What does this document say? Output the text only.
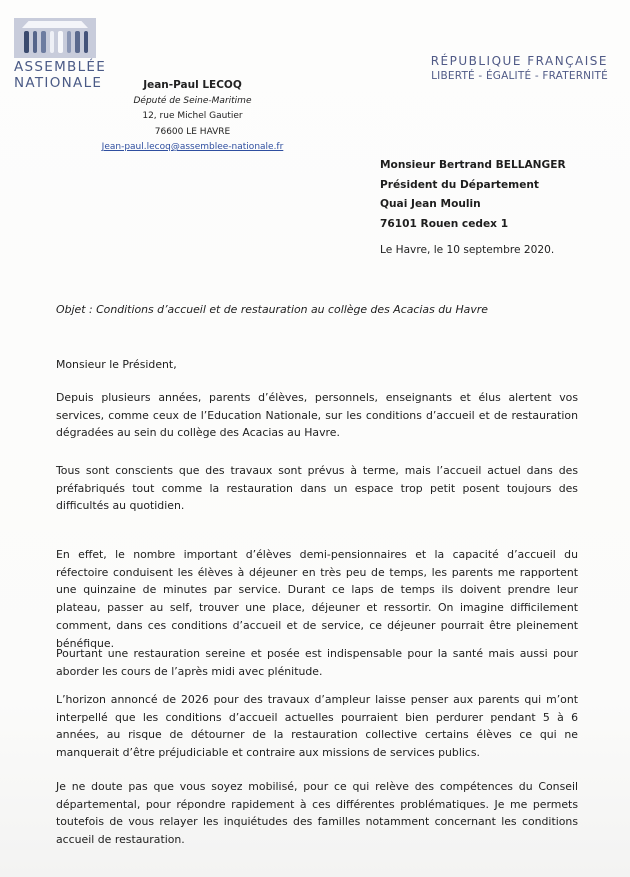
ASSEMBLÉE
NATIONALE	Jean-Paul LECOQ
Député de Seine-Maritime
12, rue Michel Gautier
76600 LE HAVRE
Jean-paul.lecoq@assemblee-nationale.fr
RÉPUBLIQUE FRANÇAISE
LIBERTÉ - ÉGALITÉ - FRATERNITÉ
Monsieur Bertrand BELLANGER
Président du Département
Quai Jean Moulin
76101 Rouen cedex 1
Le Havre, le 10 septembre 2020.
Objet : Conditions d’accueil et de restauration au collège des Acacias du Havre
Monsieur le Président,
Depuis plusieurs années, parents d’élèves, personnels, enseignants et élus alertent vos services, comme ceux de l’Education Nationale, sur les conditions d’accueil et de restauration dégradées au sein du collège des Acacias au Havre.
Tous sont conscients que des travaux sont prévus à terme, mais l’accueil actuel dans des préfabriqués tout comme la restauration dans un espace trop petit posent toujours des difficultés au quotidien.
En effet, le nombre important d’élèves demi-pensionnaires et la capacité d’accueil du réfectoire conduisent les élèves à déjeuner en très peu de temps, les parents me rapportent une quinzaine de minutes par service. Durant ce laps de temps ils doivent prendre leur plateau, passer au self, trouver une place, déjeuner et ressortir. On imagine difficilement comment, dans ces conditions d’accueil et de service, ce déjeuner pourrait être pleinement bénéfique.
Pourtant une restauration sereine et posée est indispensable pour la santé mais aussi pour aborder les cours de l’après midi avec plénitude.
L’horizon annoncé de 2026 pour des travaux d’ampleur laisse penser aux parents qui m’ont interpellé que les conditions d’accueil actuelles pourraient bien perdurer pendant 5 à 6 années, au risque de détourner de la restauration collective certains élèves ce qui ne manquerait d’être préjudiciable et contraire aux missions de services publics.
Je ne doute pas que vous soyez mobilisé, pour ce qui relève des compétences du Conseil départemental, pour répondre rapidement à ces différentes problématiques. Je me permets toutefois de vous relayer les inquiétudes des familles notamment concernant les conditions accueil de restauration.
